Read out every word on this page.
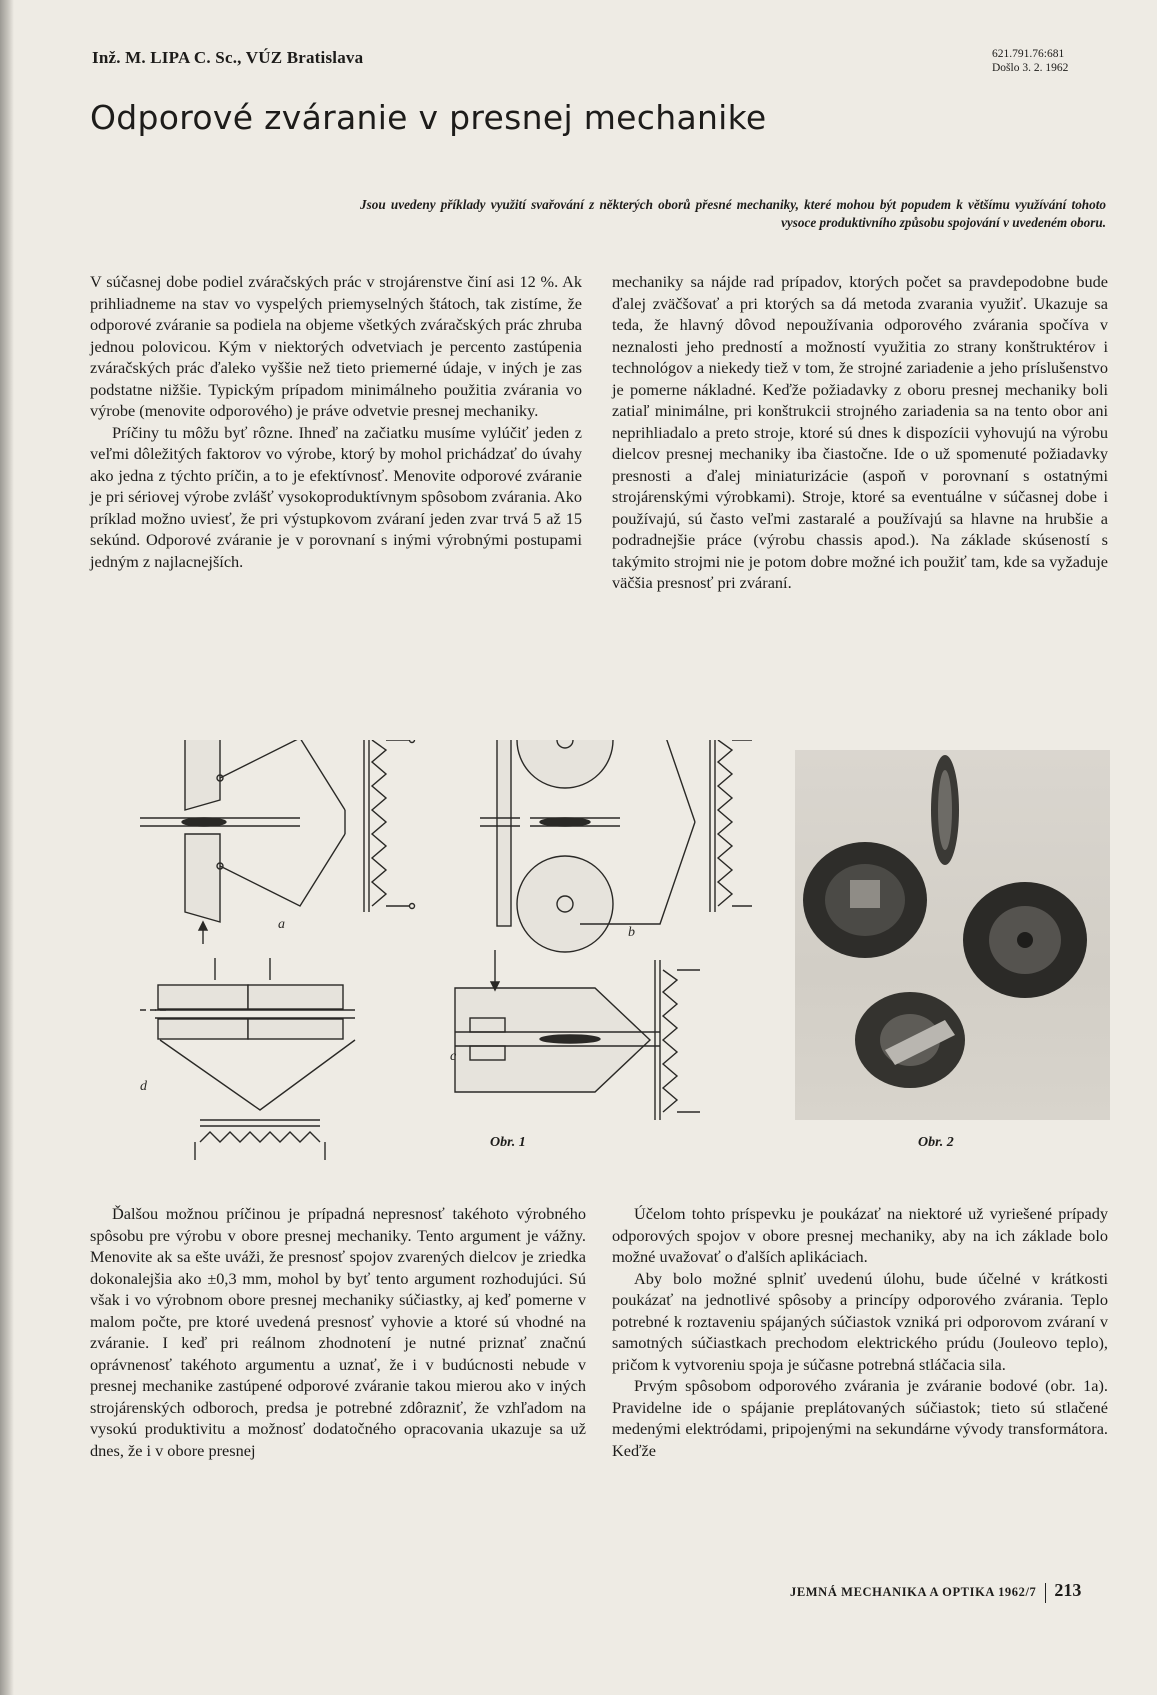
Inž. M. LIPA C. Sc., VÚZ Bratislava	621.791.76:681
Došlo 3. 2. 1962
Odporové zváranie v presnej mechanike
Jsou uvedeny příklady využití svařování z některých oborů přesné mechaniky, které mohou být popudem k většímu využívání tohoto vysoce produktivního způsobu spojování v uvedeném oboru.

V súčasnej dobe podiel zváračských prác v strojárenstve činí asi 12 %. Ak prihliadneme na stav vo vyspelých priemyselných štátoch, tak zistíme, že odporové zváranie sa podiela na objeme všetkých zváračských prác zhruba jednou polovicou. Kým v niektorých odvetviach je percento zastúpenia zváračských prác ďaleko vyššie než tieto priemerné údaje, v iných je zas podstatne nižšie. Typickým prípadom minimálneho použitia zvárania vo výrobe (menovite odporového) je práve odvetvie presnej mechaniky.

Príčiny tu môžu byť rôzne. Ihneď na začiatku musíme vylúčiť jeden z veľmi dôležitých faktorov vo výrobe, ktorý by mohol prichádzať do úvahy ako jedna z týchto príčin, a to je efektívnosť. Menovite odporové zváranie je pri sériovej výrobe zvlášť vysokoproduktívnym spôsobom zvárania. Ako príklad možno uviesť, že pri výstupkovom zváraní jeden zvar trvá 5 až 15 sekúnd. Odporové zváranie je v porovnaní s inými výrobnými postupami jedným z najlacnejších.

mechaniky sa nájde rad prípadov, ktorých počet sa pravdepodobne bude ďalej zväčšovať a pri ktorých sa dá metoda zvarania využiť. Ukazuje sa teda, že hlavný dôvod nepoužívania odporového zvárania spočíva v neznalosti jeho predností a možností využitia zo strany konštruktérov i technológov a niekedy tiež v tom, že strojné zariadenie a jeho príslušenstvo je pomerne nákladné. Keďže požiadavky z oboru presnej mechaniky boli zatiaľ minimálne, pri konštrukcii strojného zariadenia sa na tento obor ani neprihliadalo a preto stroje, ktoré sú dnes k dispozícii vyhovujú na výrobu dielcov presnej mechaniky iba čiastočne. Ide o už spomenuté požiadavky presnosti a ďalej miniaturizácie (aspoň v porovnaní s ostatnými strojárenskými výrobkami). Stroje, ktoré sa eventuálne v súčasnej dobe i používajú, sú často veľmi zastaralé a používajú sa hlavne na hrubšie a podradnejšie práce (výrobu chassis apod.). Na základe skúseností s takýmito strojmi nie je potom dobre možné ich použiť tam, kde sa vyžaduje väčšia presnosť pri zváraní.

a
b
c
d
Obr. 1	Obr. 2

Ďalšou možnou príčinou je prípadná nepresnosť takéhoto výrobného spôsobu pre výrobu v obore presnej mechaniky. Tento argument je vážny. Menovite ak sa ešte uváži, že presnosť spojov zvarených dielcov je zriedka dokonalejšia ako ±0,3 mm, mohol by byť tento argument rozhodujúci. Sú však i vo výrobnom obore presnej mechaniky súčiastky, aj keď pomerne v malom počte, pre ktoré uvedená presnosť vyhovie a ktoré sú vhodné na zváranie. I keď pri reálnom zhodnotení je nutné priznať značnú oprávnenosť takéhoto argumentu a uznať, že i v budúcnosti nebude v presnej mechanike zastúpené odporové zváranie takou mierou ako v iných strojárenských odboroch, predsa je potrebné zdôrazniť, že vzhľadom na vysokú produktivitu a možnosť dodatočného opracovania ukazuje sa už dnes, že i v obore presnej

Účelom tohto príspevku je poukázať na niektoré už vyriešené prípady odporových spojov v obore presnej mechaniky, aby na ich základe bolo možné uvažovať o ďalších aplikáciach.

Aby bolo možné splniť uvedenú úlohu, bude účelné v krátkosti poukázať na jednotlivé spôsoby a princípy odporového zvárania. Teplo potrebné k roztaveniu spájaných súčiastok vzniká pri odporovom zváraní v samotných súčiastkach prechodom elektrického prúdu (Jouleovo teplo), pričom k vytvoreniu spoja je súčasne potrebná stláčacia sila.

Prvým spôsobom odporového zvárania je zváranie bodové (obr. 1a). Pravidelne ide o spájanie preplátovaných súčiastok; tieto sú stlačené medenými elektródami, pripojenými na sekundárne vývody transformátora. Keďže

JEMNÁ MECHANIKA A OPTIKA 1962/7 213
